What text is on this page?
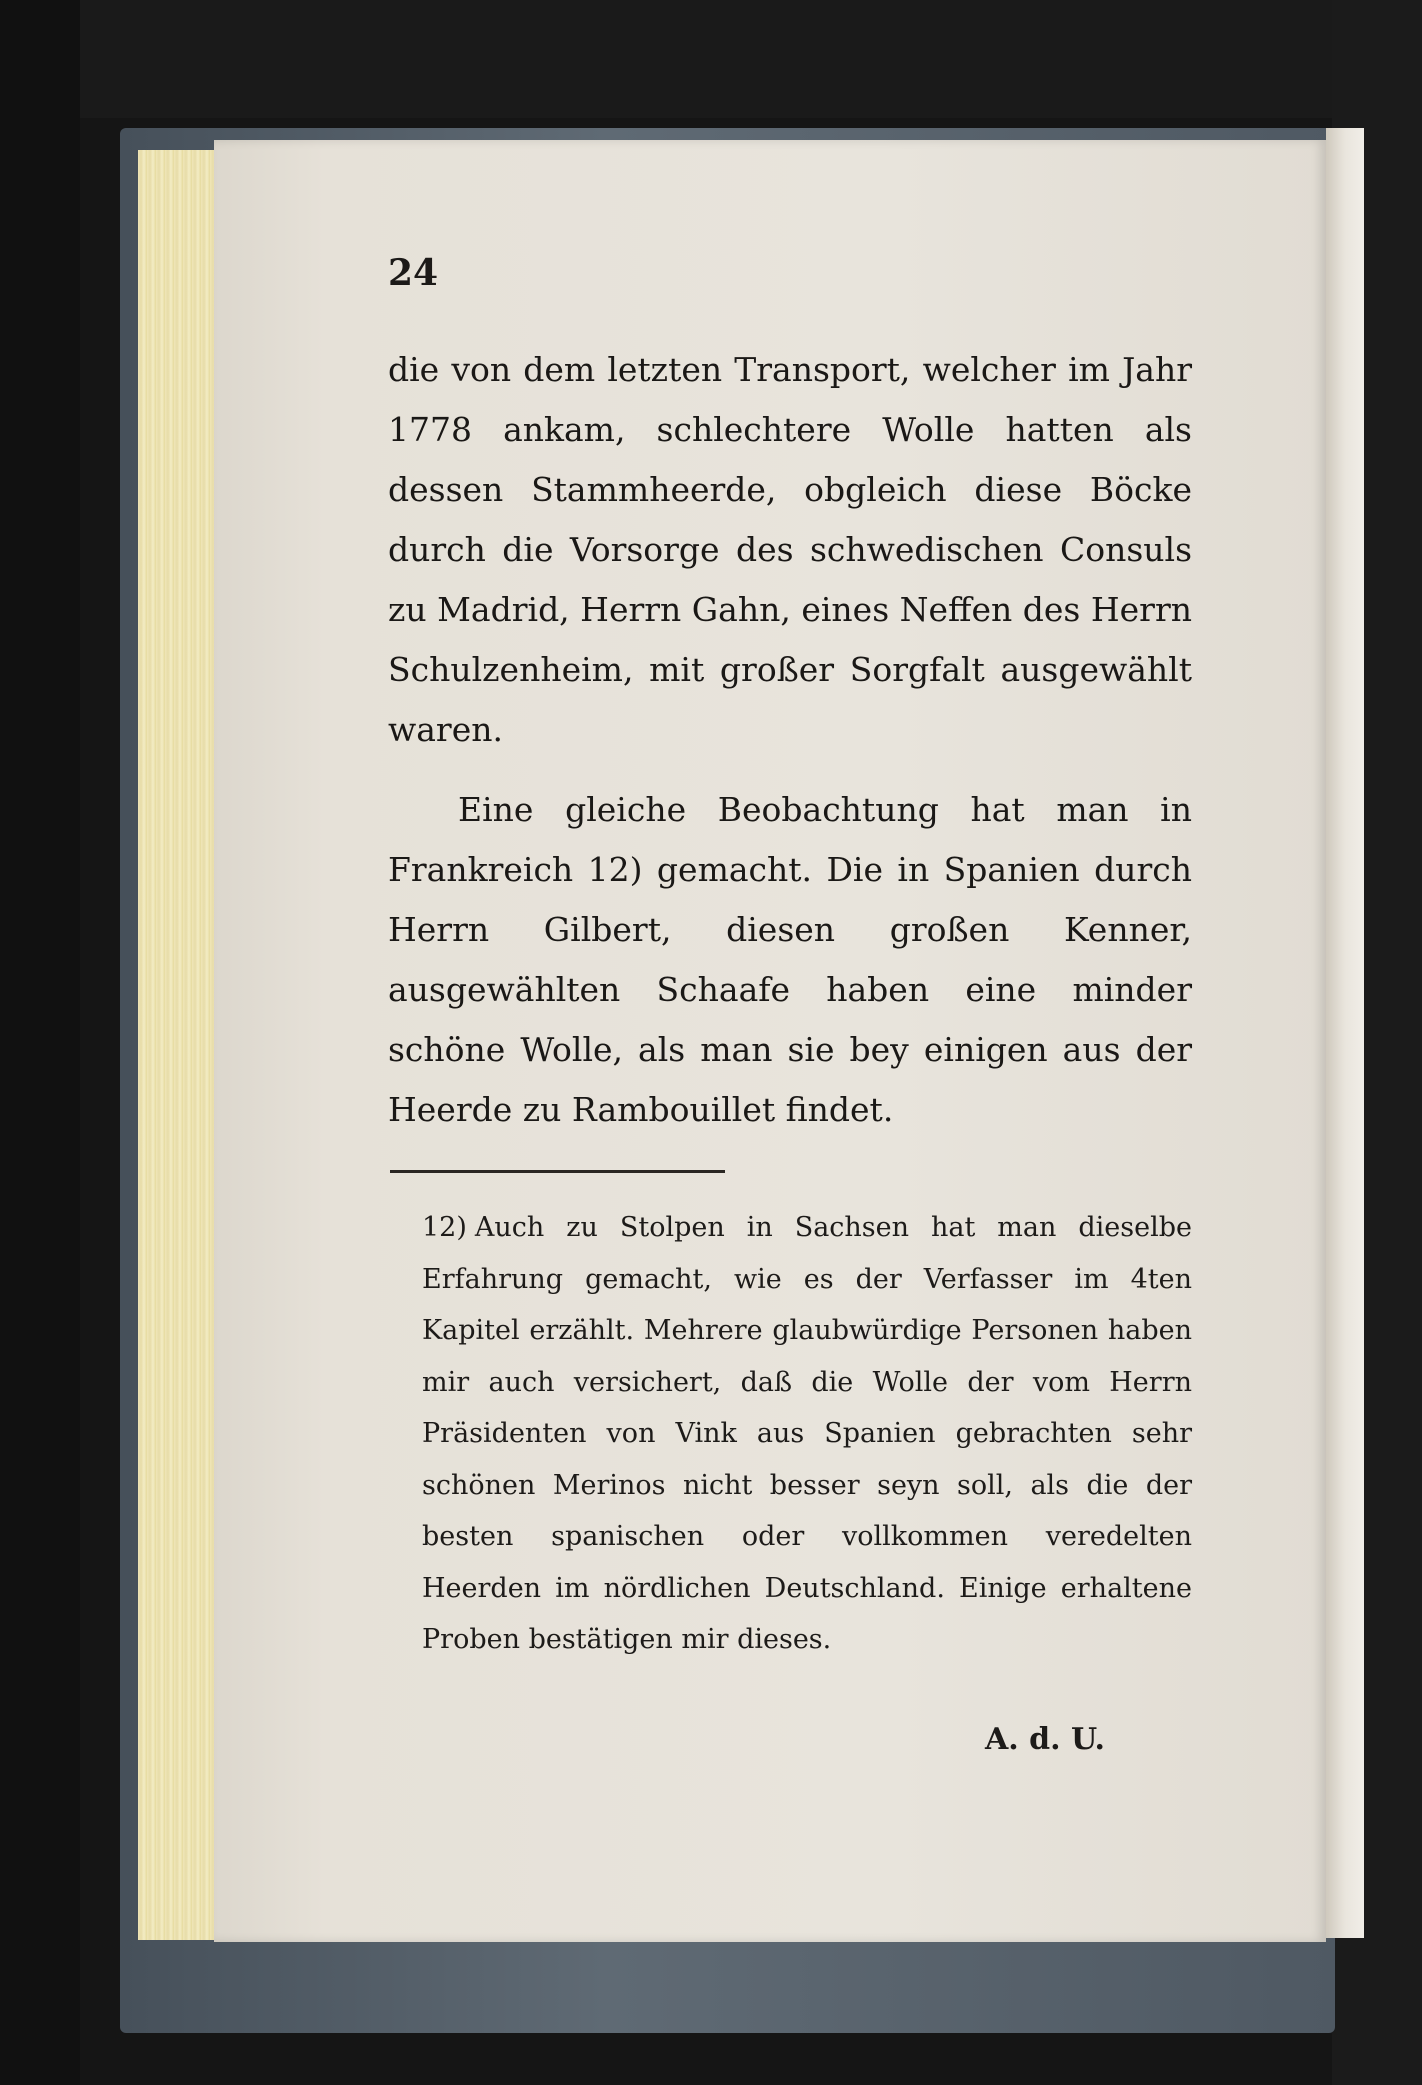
24

die von dem letzten Transport, welcher im Jahr 1778 ankam, schlechtere Wolle hatten als dessen Stammheerde, obgleich diese Böcke durch die Vorsorge des schwedischen Consuls zu Madrid, Herrn Gahn, eines Neffen des Herrn Schulzenheim, mit großer Sorgfalt ausgewählt waren.

Eine gleiche Beobachtung hat man in Frankreich 12) gemacht. Die in Spanien durch Herrn Gilbert, diesen großen Kenner, ausgewählten Schaafe haben eine minder schöne Wolle, als man sie bey einigen aus der Heerde zu Rambouillet findet.

12) Auch zu Stolpen in Sachsen hat man dieselbe Erfahrung gemacht, wie es der Verfasser im 4ten Kapitel erzählt. Mehrere glaubwürdige Personen haben mir auch versichert, daß die Wolle der vom Herrn Präsidenten von Vink aus Spanien gebrachten sehr schönen Merinos nicht besser seyn soll, als die der besten spanischen oder vollkommen veredelten Heerden im nördlichen Deutschland. Einige erhaltene Proben bestätigen mir dieses.
A. d. U.
